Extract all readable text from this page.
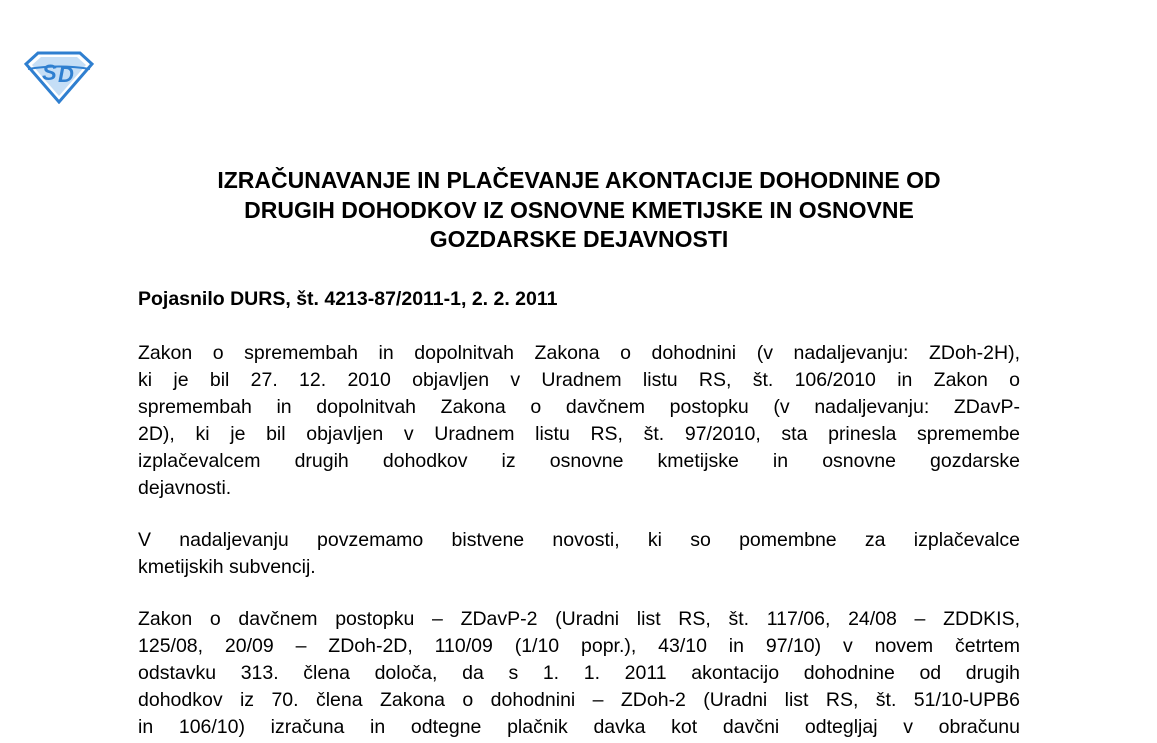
S D
IZRAČUNAVANJE IN PLAČEVANJE AKONTACIJE DOHODNINE OD
DRUGIH DOHODKOV IZ OSNOVNE KMETIJSKE IN OSNOVNE
GOZDARSKE DEJAVNOSTI

Pojasnilo DURS, št. 4213-87/2011-1, 2. 2. 2011

Zakon o spremembah in dopolnitvah Zakona o dohodnini (v nadaljevanju: ZDoh-2H),
ki je bil 27. 12. 2010 objavljen v Uradnem listu RS, št. 106/2010 in Zakon o
spremembah in dopolnitvah Zakona o davčnem postopku (v nadaljevanju: ZDavP-
2D), ki je bil objavljen v Uradnem listu RS, št. 97/2010, sta prinesla spremembe
izplačevalcem drugih dohodkov iz osnovne kmetijske in osnovne gozdarske
dejavnosti.

V nadaljevanju povzemamo bistvene novosti, ki so pomembne za izplačevalce
kmetijskih subvencij.

Zakon o davčnem postopku – ZDavP-2 (Uradni list RS, št. 117/06, 24/08 – ZDDKIS,
125/08, 20/09 – ZDoh-2D, 110/09 (1/10 popr.), 43/10 in 97/10) v novem četrtem
odstavku 313. člena določa, da s 1. 1. 2011 akontacijo dohodnine od drugih
dohodkov iz 70. člena Zakona o dohodnini – ZDoh-2 (Uradni list RS, št. 51/10-UPB6
in 106/10) izračuna in odtegne plačnik davka kot davčni odtegljaj v obračunu
